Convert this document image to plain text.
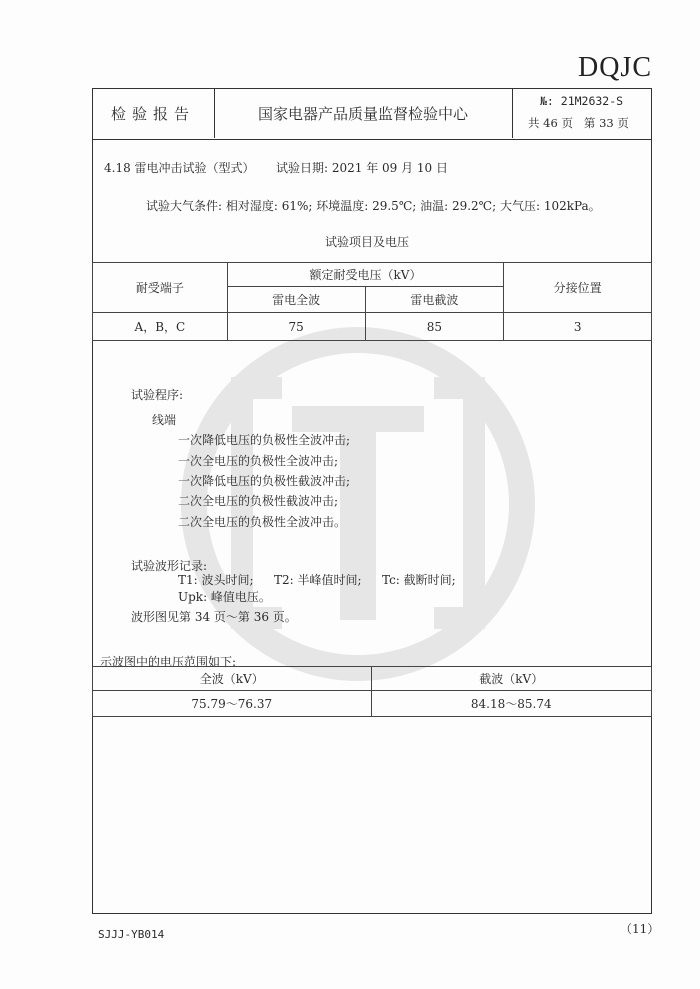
DQJC
ETI
检验报告	国家电器产品质量监督检验中心
№: 21M2632-S
共 46 页 第 33 页
4.18 雷电冲击试验（型式） 试验日期: 2021 年 09 月 10 日
试验大气条件: 相对湿度: 61%; 环境温度: 29.5℃; 油温: 29.2℃; 大气压: 102kPa。
试验项目及电压
耐受端子	额定耐受电压（kV）		分接位置
	雷电全波	雷电截波	
A，B，C	75	85	3
试验程序:
线端
一次降低电压的负极性全波冲击;
一次全电压的负极性全波冲击;
一次降低电压的负极性截波冲击;
二次全电压的负极性截波冲击;
二次全电压的负极性全波冲击。
试验波形记录:
T1: 波头时间; T2: 半峰值时间; Tc: 截断时间;
Upk: 峰值电压。
波形图见第 34 页～第 36 页。
示波图中的电压范围如下:
全波（kV）	截波（kV）
75.79～76.37	84.18～85.74
SJJJ-YB014	（11）
